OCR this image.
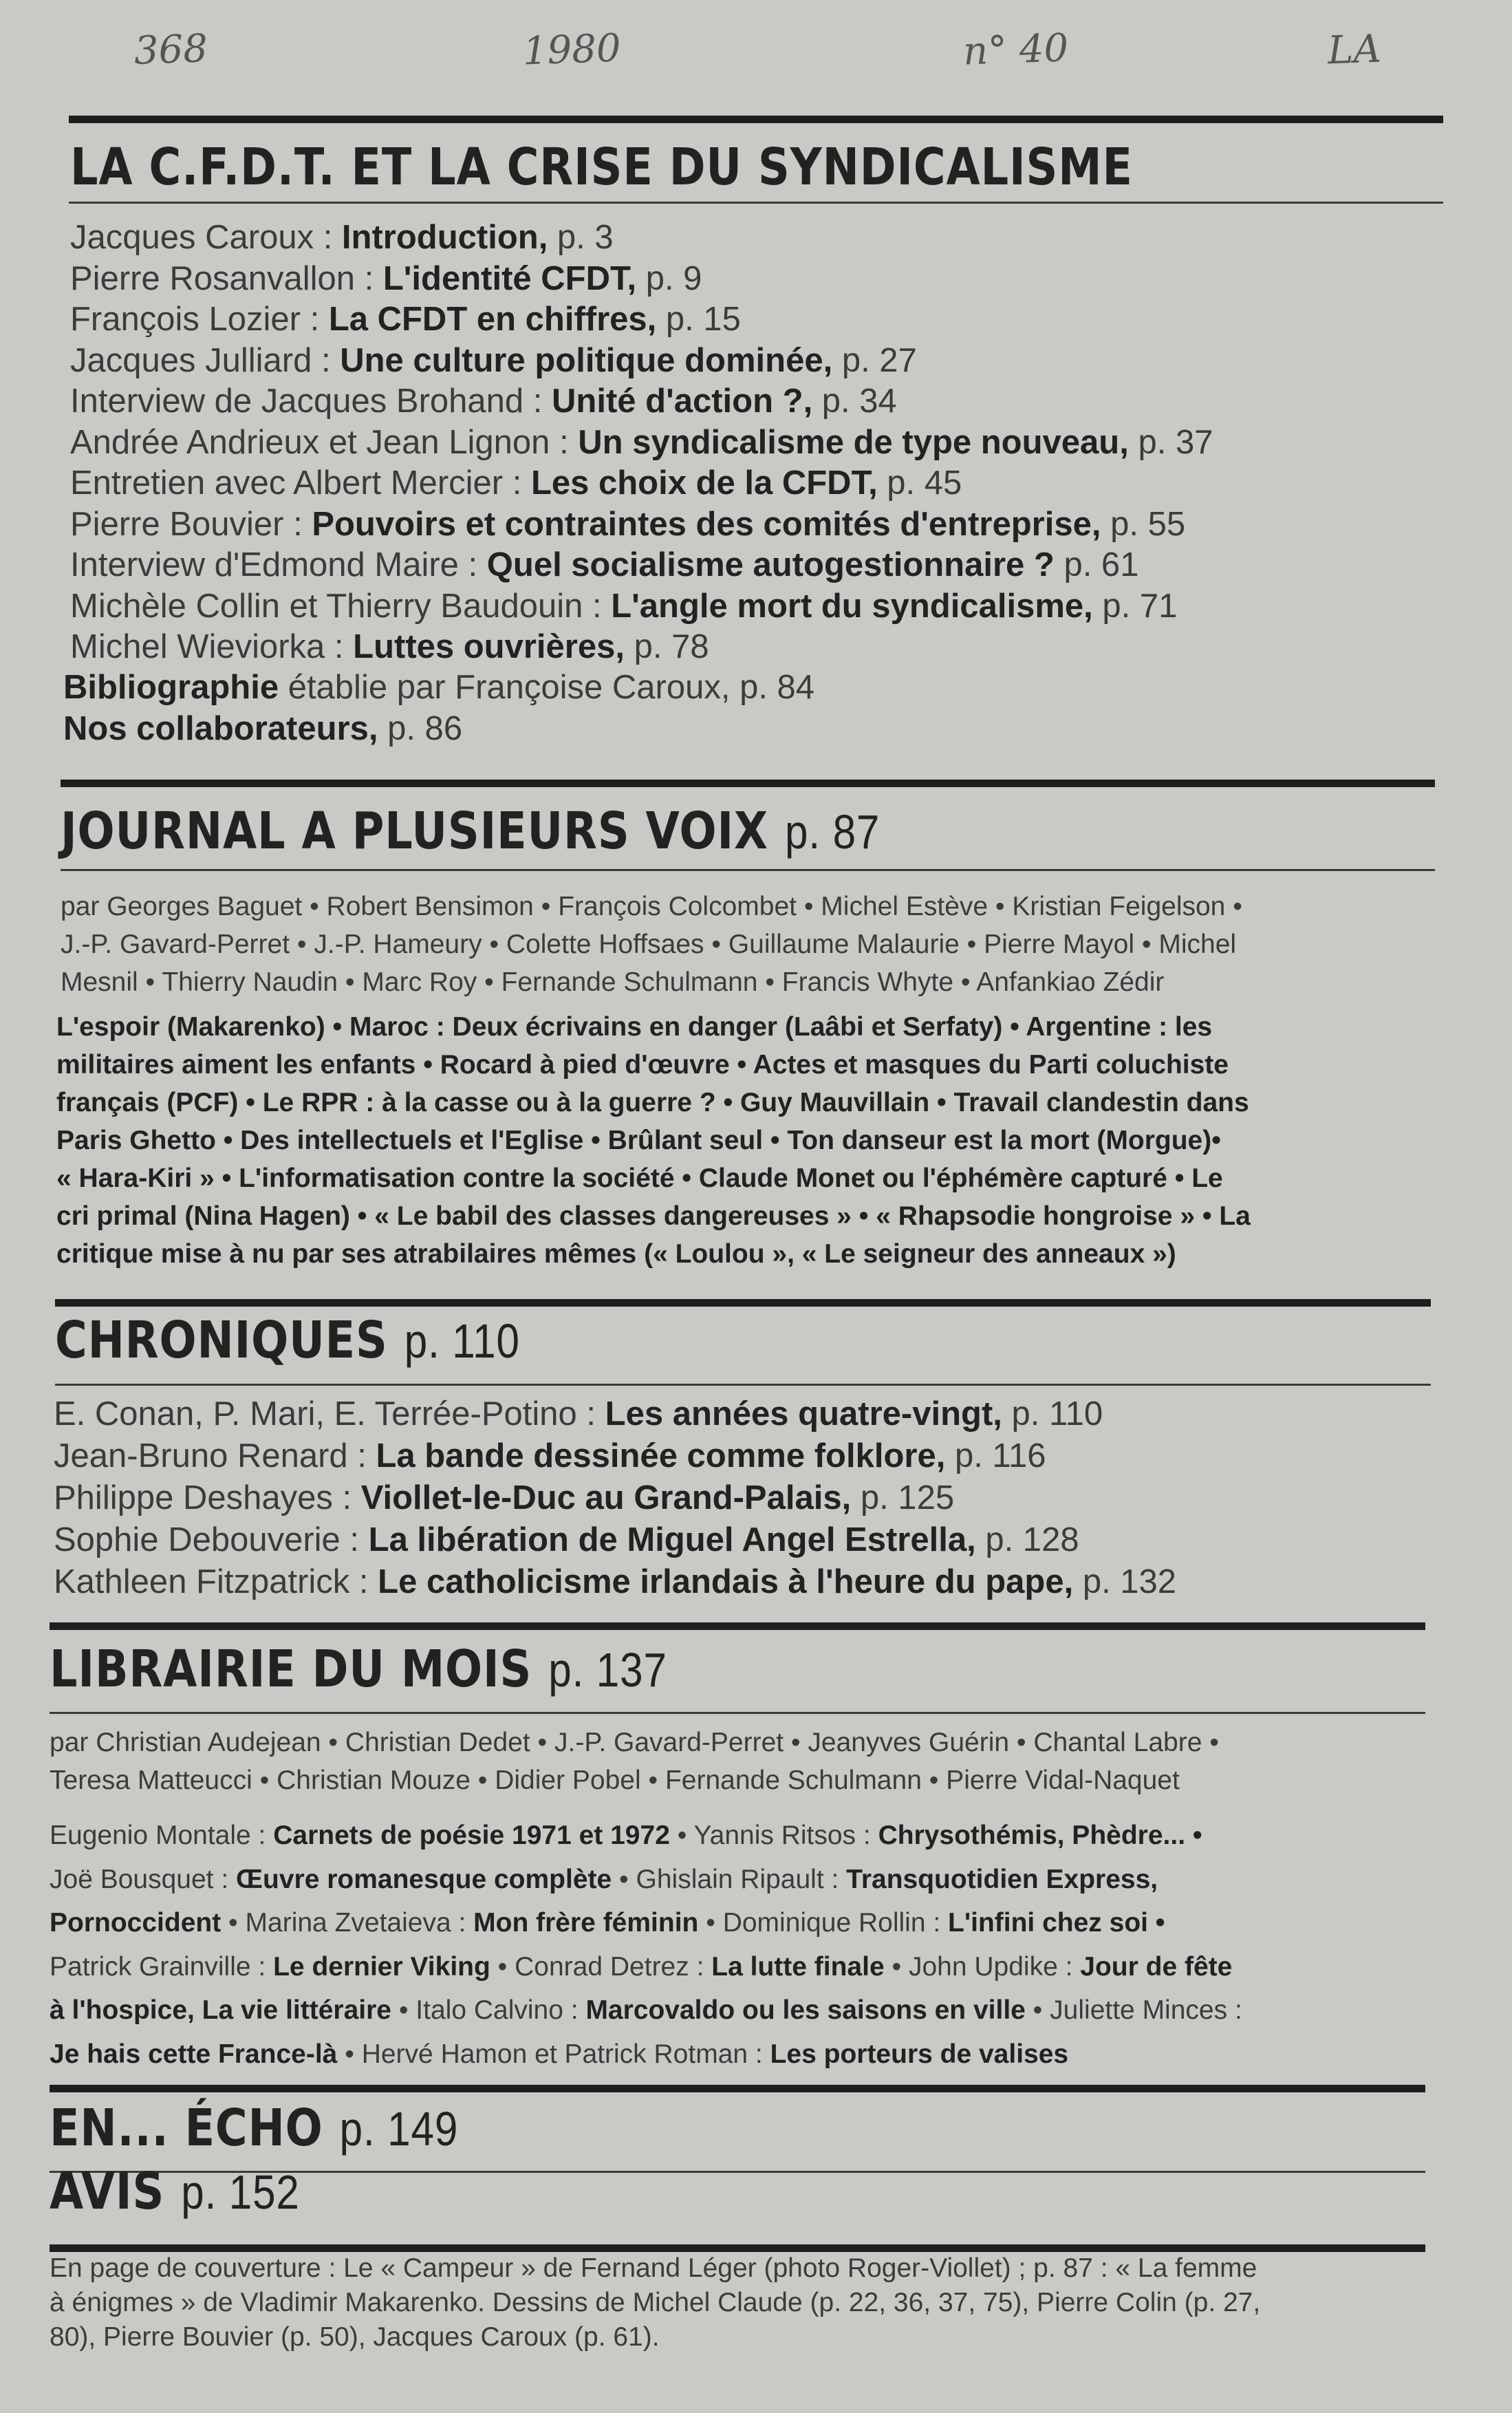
368	1980	n° 40	LA
LA C.F.D.T. ET LA CRISE DU SYNDICALISME
Jacques Caroux : Introduction, p. 3
Pierre Rosanvallon : L'identité CFDT, p. 9
François Lozier : La CFDT en chiffres, p. 15
Jacques Julliard : Une culture politique dominée, p. 27
Interview de Jacques Brohand : Unité d'action ?, p. 34
Andrée Andrieux et Jean Lignon : Un syndicalisme de type nouveau, p. 37
Entretien avec Albert Mercier : Les choix de la CFDT, p. 45
Pierre Bouvier : Pouvoirs et contraintes des comités d'entreprise, p. 55
Interview d'Edmond Maire : Quel socialisme autogestionnaire ? p. 61
Michèle Collin et Thierry Baudouin : L'angle mort du syndicalisme, p. 71
Michel Wieviorka : Luttes ouvrières, p. 78
Bibliographie établie par Françoise Caroux, p. 84
Nos collaborateurs, p. 86
JOURNAL A PLUSIEURS VOIX p. 87
par Georges Baguet • Robert Bensimon • François Colcombet • Michel Estève • Kristian Feigelson •
J.-P. Gavard-Perret • J.-P. Hameury • Colette Hoffsaes • Guillaume Malaurie • Pierre Mayol • Michel
Mesnil • Thierry Naudin • Marc Roy • Fernande Schulmann • Francis Whyte • Anfankiao Zédir
L'espoir (Makarenko) • Maroc : Deux écrivains en danger (Laâbi et Serfaty) • Argentine : les
militaires aiment les enfants • Rocard à pied d'œuvre • Actes et masques du Parti coluchiste
français (PCF) • Le RPR : à la casse ou à la guerre ? • Guy Mauvillain • Travail clandestin dans
Paris Ghetto • Des intellectuels et l'Eglise • Brûlant seul • Ton danseur est la mort (Morgue)•
« Hara-Kiri » • L'informatisation contre la société • Claude Monet ou l'éphémère capturé • Le
cri primal (Nina Hagen) • « Le babil des classes dangereuses » • « Rhapsodie hongroise » • La
critique mise à nu par ses atrabilaires mêmes (« Loulou », « Le seigneur des anneaux »)
CHRONIQUES p. 110
E. Conan, P. Mari, E. Terrée-Potino : Les années quatre-vingt, p. 110
Jean-Bruno Renard : La bande dessinée comme folklore, p. 116
Philippe Deshayes : Viollet-le-Duc au Grand-Palais, p. 125
Sophie Debouverie : La libération de Miguel Angel Estrella, p. 128
Kathleen Fitzpatrick : Le catholicisme irlandais à l'heure du pape, p. 132
LIBRAIRIE DU MOIS p. 137
par Christian Audejean • Christian Dedet • J.-P. Gavard-Perret • Jeanyves Guérin • Chantal Labre •
Teresa Matteucci • Christian Mouze • Didier Pobel • Fernande Schulmann • Pierre Vidal-Naquet
Eugenio Montale : Carnets de poésie 1971 et 1972 • Yannis Ritsos : Chrysothémis, Phèdre... •
Joë Bousquet : Œuvre romanesque complète • Ghislain Ripault : Transquotidien Express,
Pornoccident • Marina Zvetaieva : Mon frère féminin • Dominique Rollin : L'infini chez soi •
Patrick Grainville : Le dernier Viking • Conrad Detrez : La lutte finale • John Updike : Jour de fête
à l'hospice, La vie littéraire • Italo Calvino : Marcovaldo ou les saisons en ville • Juliette Minces :
Je hais cette France-là • Hervé Hamon et Patrick Rotman : Les porteurs de valises
EN... ÉCHO p. 149
AVIS p. 152
En page de couverture : Le « Campeur » de Fernand Léger (photo Roger-Viollet) ; p. 87 : « La femme
à énigmes » de Vladimir Makarenko. Dessins de Michel Claude (p. 22, 36, 37, 75), Pierre Colin (p. 27,
80), Pierre Bouvier (p. 50), Jacques Caroux (p. 61).
